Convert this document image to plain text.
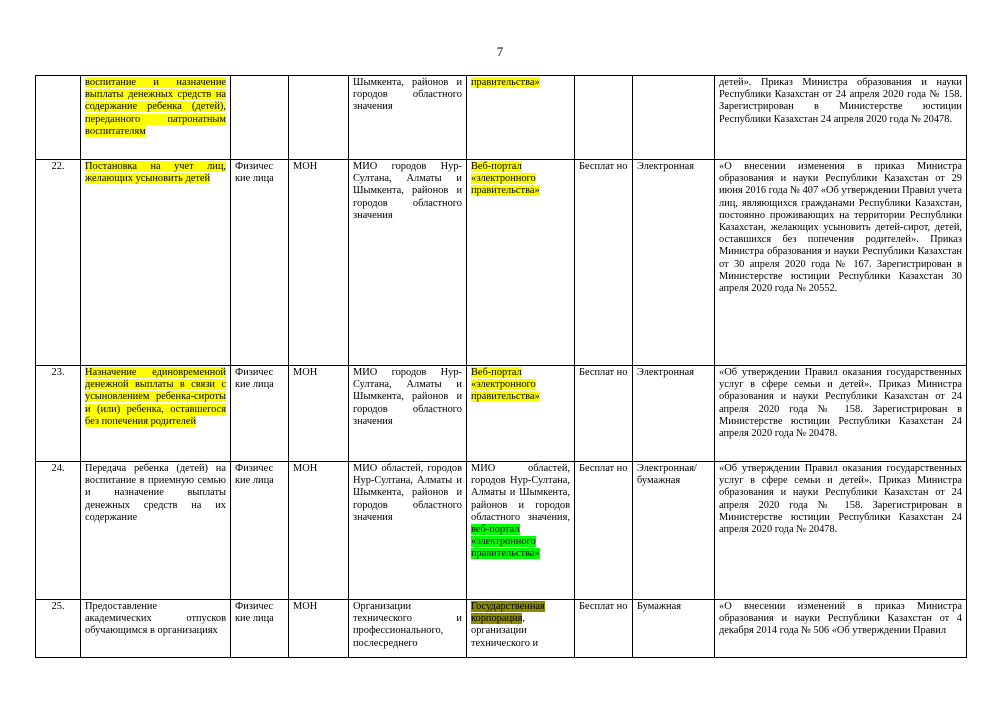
7
	воспитание и назначение выплаты денежных средств на содержание ребенка (детей), переданного патронатным воспитателям			Шымкента, районов и городов областного значения	правительства»			детей». Приказ Министра образования и науки Республики Казахстан от 24 апреля 2020 года № 158. Зарегистрирован в Министерстве юстиции Республики Казахстан 24 апреля 2020 года № 20478.
22.	Постановка на учет лиц, желающих усыновить детей	Физичес кие лица	МОН	МИО городов Нур-Султана, Алматы и Шымкента, районов и городов областного значения	Веб-портал «электронного правительства»	Бесплат но	Электронная	«О внесении изменения в приказ Министра образования и науки Республики Казахстан от 29 июня 2016 года № 407 «Об утверждении Правил учета лиц, являющихся гражданами Республики Казахстан, постоянно проживающих на территории Республики Казахстан, желающих усыновить детей-сирот, детей, оставшихся без попечения родителей». Приказ Министра образования и науки Республики Казахстан от 30 апреля 2020 года № 167. Зарегистрирован в Министерстве юстиции Республики Казахстан 30 апреля 2020 года № 20552.
23.	Назначение единовременной денежной выплаты в связи с усыновлением ребенка-сироты и (или) ребенка, оставшегося без попечения родителей	Физичес кие лица	МОН	МИО городов Нур-Султана, Алматы и Шымкента, районов и городов областного значения	Веб-портал «электронного правительства»	Бесплат но	Электронная	«Об утверждении Правил оказания государственных услуг в сфере семьи и детей». Приказ Министра образования и науки Республики Казахстан от 24 апреля 2020 года № 158. Зарегистрирован в Министерстве юстиции Республики Казахстан 24 апреля 2020 года № 20478.
24.	Передача ребенка (детей) на воспитание в приемную семью и назначение выплаты денежных средств на их содержание	Физичес кие лица	МОН	МИО областей, городов Нур-Султана, Алматы и Шымкента, районов и городов областного значения	МИО областей, городов Нур-Султана, Алматы и Шымкента, районов и городов областного значения, веб-портал «электронного правительства»	Бесплат но	Электронная/ бумажная	«Об утверждении Правил оказания государственных услуг в сфере семьи и детей». Приказ Министра образования и науки Республики Казахстан от 24 апреля 2020 года № 158. Зарегистрирован в Министерстве юстиции Республики Казахстан 24 апреля 2020 года № 20478.
25.	Предоставление академических отпусков обучающимся в организациях	Физичес кие лица	МОН	Организации технического и профессионального, послесреднего	Государственная корпорация, организации технического и	Бесплат но	Бумажная	«О внесении изменений в приказ Министра образования и науки Республики Казахстан от 4 декабря 2014 года № 506 «Об утверждении Правил
